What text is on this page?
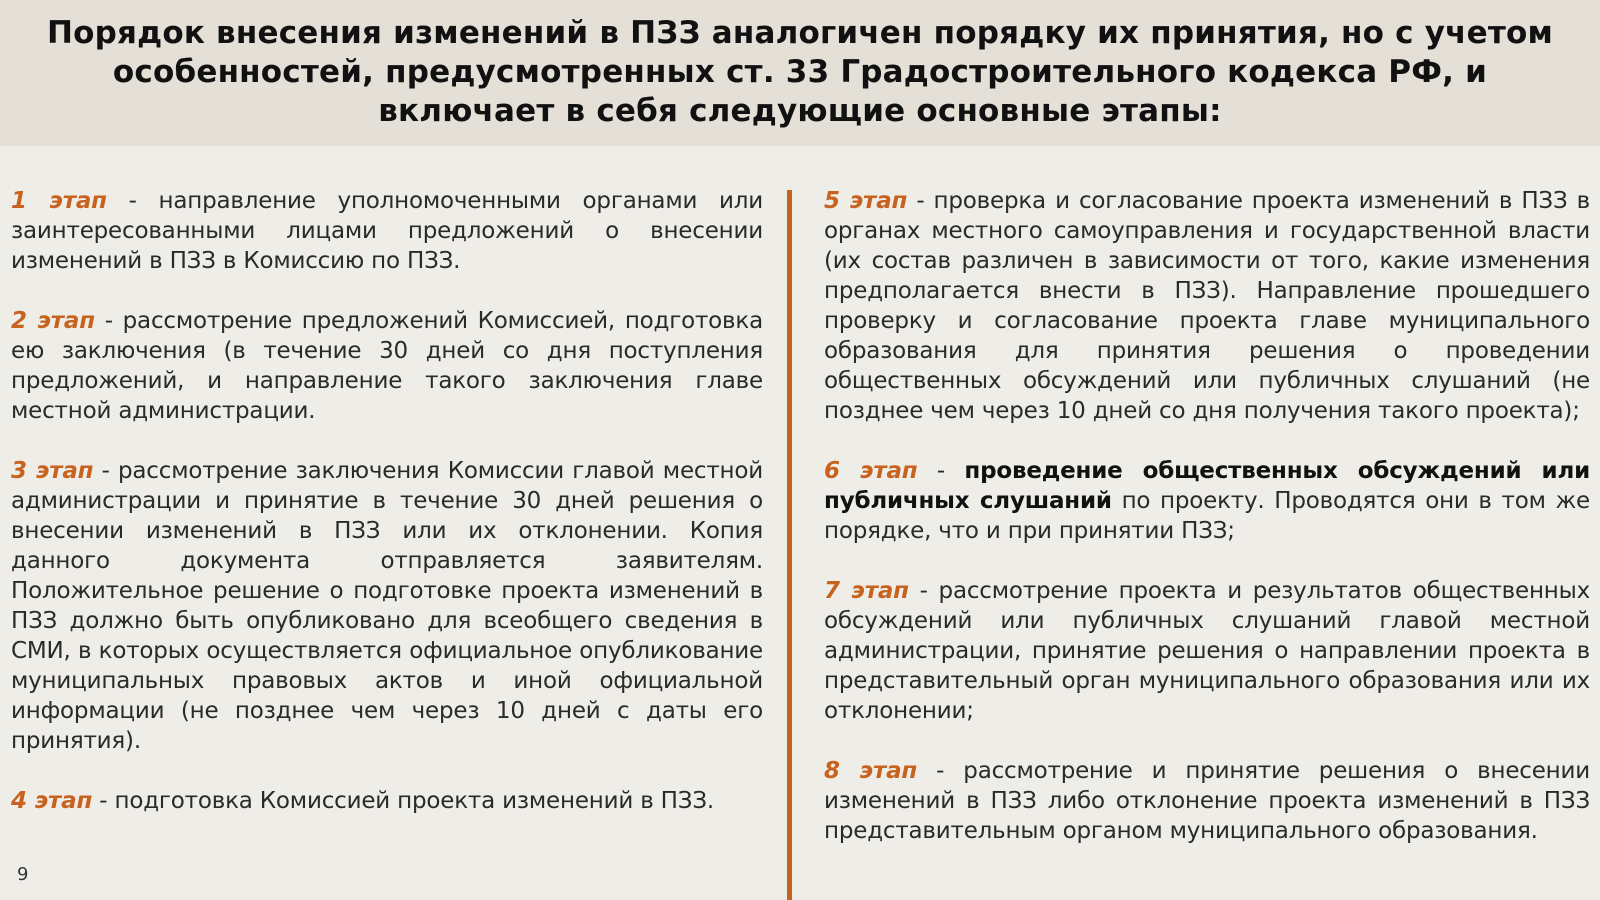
Порядок внесения изменений в ПЗЗ аналогичен порядку их принятия, но с учетом
особенностей, предусмотренных ст. 33 Градостроительного кодекса РФ, и
включает в себя следующие основные этапы:

1 этап - направление уполномоченными органами или заинтересованными лицами предложений о внесении изменений в ПЗЗ в Комиссию по ПЗЗ.

2 этап - рассмотрение предложений Комиссией, подготовка ею заключения (в течение 30 дней со дня поступления предложений, и направление такого заключения главе местной администрации.

3 этап - рассмотрение заключения Комиссии главой местной администрации и принятие в течение 30 дней решения о внесении изменений в ПЗЗ или их отклонении. Копия данного документа отправляется заявителям. Положительное решение о подготовке проекта изменений в ПЗЗ должно быть опубликовано для всеобщего сведения в СМИ, в которых осуществляется официальное опубликование муниципальных правовых актов и иной официальной информации (не позднее чем через 10 дней с даты его принятия).

4 этап - подготовка Комиссией проекта изменений в ПЗЗ.

5 этап - проверка и согласование проекта изменений в ПЗЗ в органах местного самоуправления и государственной власти (их состав различен в зависимости от того, какие изменения предполагается внести в ПЗЗ). Направление прошедшего проверку и согласование проекта главе муниципального образования для принятия решения о проведении общественных обсуждений или публичных слушаний (не позднее чем через 10 дней со дня получения такого проекта);

6 этап - проведение общественных обсуждений или публичных слушаний по проекту. Проводятся они в том же порядке, что и при принятии ПЗЗ;

7 этап - рассмотрение проекта и результатов общественных обсуждений или публичных слушаний главой местной администрации, принятие решения о направлении проекта в представительный орган муниципального образования или их отклонении;

8 этап - рассмотрение и принятие решения о внесении изменений в ПЗЗ либо отклонение проекта изменений в ПЗЗ представительным органом муниципального образования.

9
